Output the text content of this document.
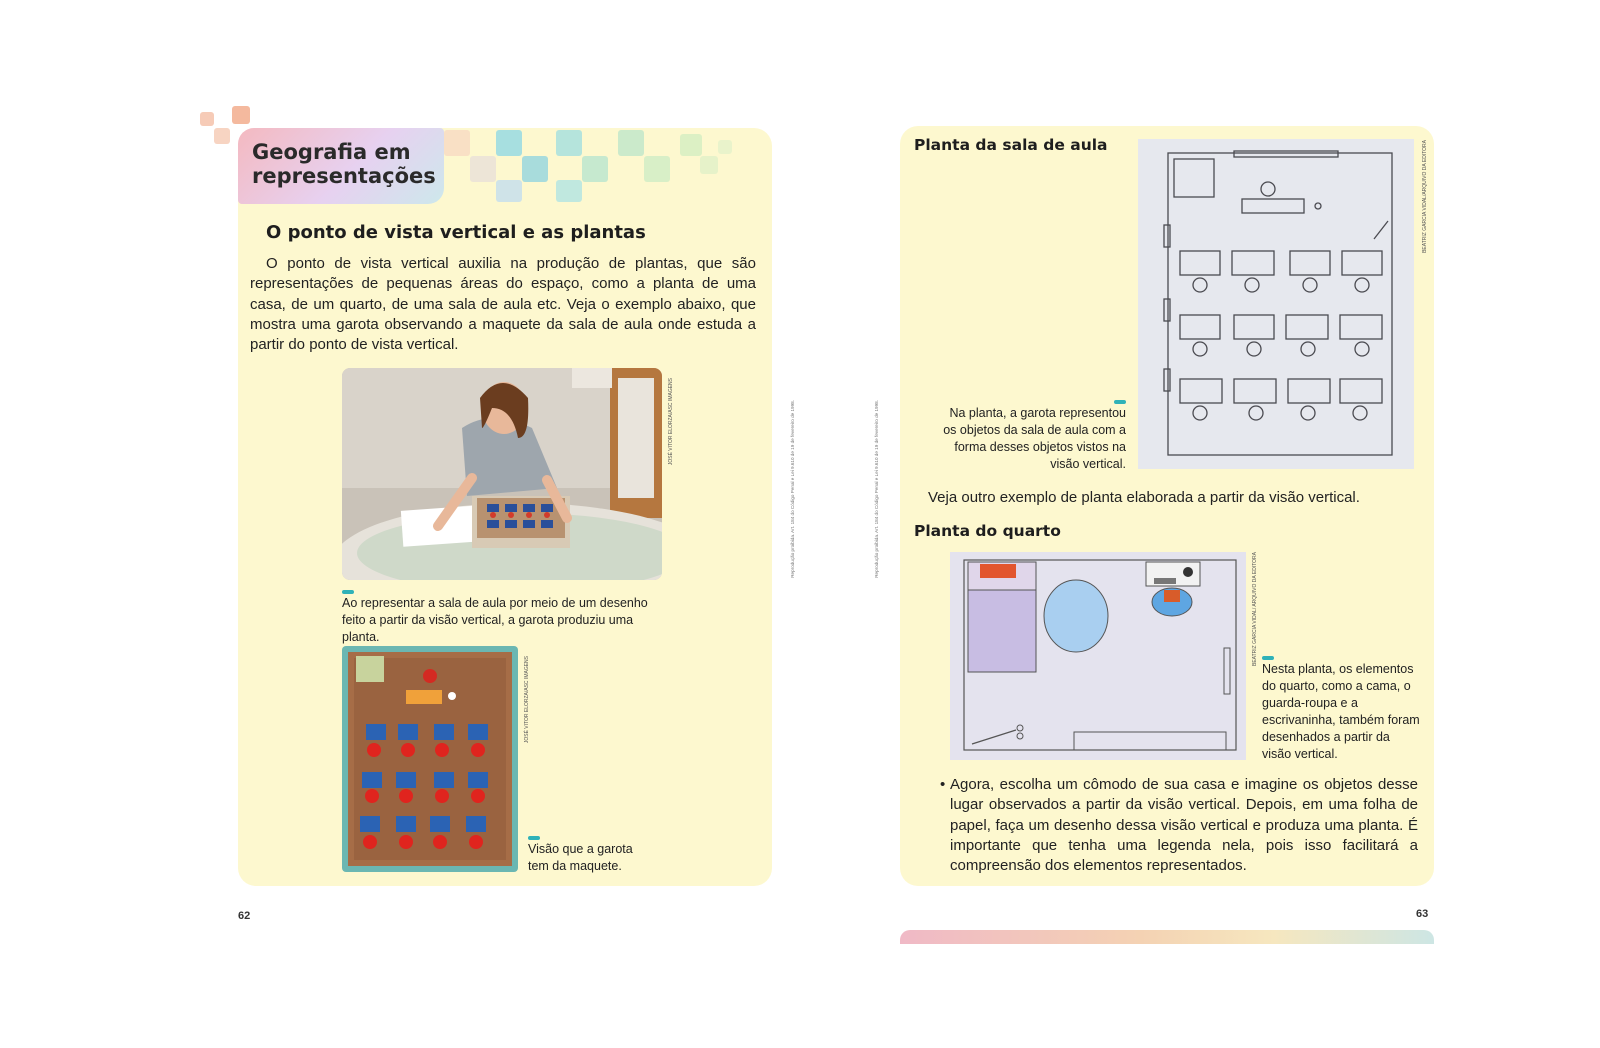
Geografia em representações
O ponto de vista vertical e as plantas
O ponto de vista vertical auxilia na produção de plantas, que são representações de pequenas áreas do espaço, como a planta de uma casa, de um quarto, de uma sala de aula etc. Veja o exemplo abaixo, que mostra uma garota observando a maquete da sala de aula onde estuda a partir do ponto de vista vertical.
JOSÉ VITOR ELORZA/ASC IMAGENS
Ao representar a sala de aula por meio de um desenho feito a partir da visão vertical, a garota produziu uma planta.
JOSÉ VITOR ELORZA/ASC IMAGENS
Visão que a garota tem da maquete.
Reprodução proibida. Art. 184 do Código Penal e Lei 9.610 de 19 de fevereiro de 1998.
62
Planta da sala de aula	BEATRIZ GARCIA VIDAL/ARQUIVO DA EDITORA
Na planta, a garota representou os objetos da sala de aula com a forma desses objetos vistos na visão vertical.
Veja outro exemplo de planta elaborada a partir da visão vertical.
Planta do quarto
BEATRIZ GARCIA VIDAL/ ARQUIVO DA EDITORA
Nesta planta, os elementos do quarto, como a cama, o guarda-roupa e a escrivaninha, também foram desenhados a partir da visão vertical.
• Agora, escolha um cômodo de sua casa e imagine os objetos desse lugar observados a partir da visão vertical. Depois, em uma folha de papel, faça um desenho dessa visão vertical e produza uma planta. É importante que tenha uma legenda nela, pois isso facilitará a compreensão dos elementos representados.
Reprodução proibida. Art. 184 do Código Penal e Lei 9.610 de 19 de fevereiro de 1998.
63
